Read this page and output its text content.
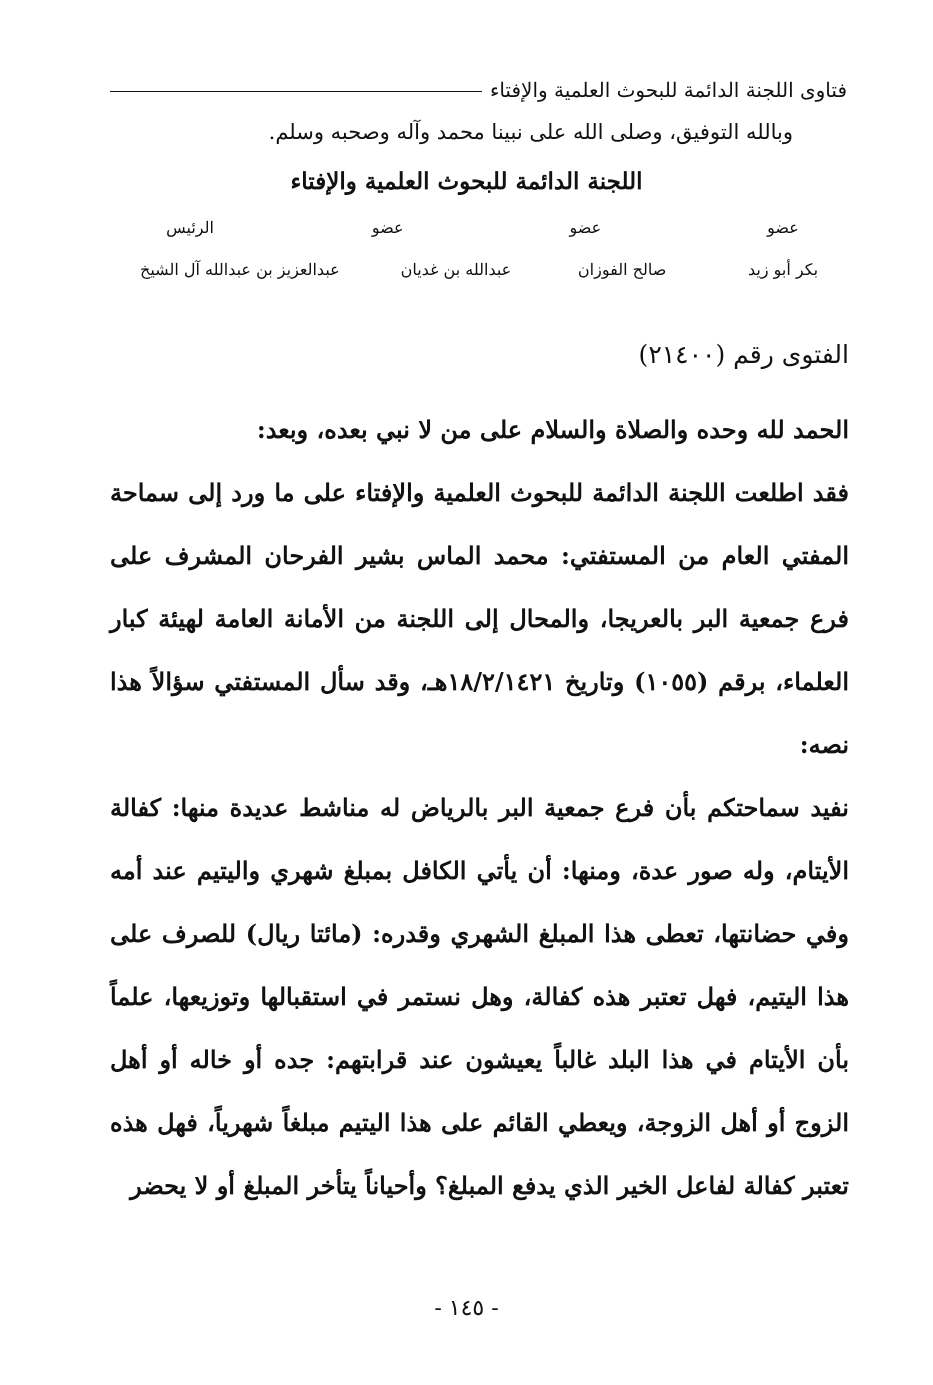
فتاوى اللجنة الدائمة للبحوث العلمية والإفتاء
وبالله التوفيق، وصلى الله على نبينا محمد وآله وصحبه وسلم.
اللجنة الدائمة للبحوث العلمية والإفتاء
عضو
عضو
عضو
الرئيس
بكر أبو زيد
صالح الفوزان
عبدالله بن غديان
عبدالعزيز بن عبدالله آل الشيخ
الفتوى رقم (٢١٤٠٠)

الحمد لله وحده والصلاة والسلام على من لا نبي بعده، وبعد:

فقد اطلعت اللجنة الدائمة للبحوث العلمية والإفتاء على ما ورد إلى سماحة المفتي العام من المستفتي: محمد الماس بشير الفرحان المشرف على فرع جمعية البر بالعريجا، والمحال إلى اللجنة من الأمانة العامة لهيئة كبار العلماء، برقم (١٠٥٥) وتاريخ ١٨/٢/١٤٢١هـ، وقد سأل المستفتي سؤالاً هذا نصه:

نفيد سماحتكم بأن فرع جمعية البر بالرياض له مناشط عديدة منها: كفالة الأيتام، وله صور عدة، ومنها: أن يأتي الكافل بمبلغ شهري واليتيم عند أمه وفي حضانتها، تعطى هذا المبلغ الشهري وقدره: (مائتا ريال) للصرف على هذا اليتيم، فهل تعتبر هذه كفالة، وهل نستمر في استقبالها وتوزيعها، علماً بأن الأيتام في هذا البلد غالباً يعيشون عند قرابتهم: جده أو خاله أو أهل الزوج أو أهل الزوجة، ويعطي القائم على هذا اليتيم مبلغاً شهرياً، فهل هذه تعتبر كفالة لفاعل الخير الذي يدفع المبلغ؟ وأحياناً يتأخر المبلغ أو لا يحضر

- ١٤٥ -
